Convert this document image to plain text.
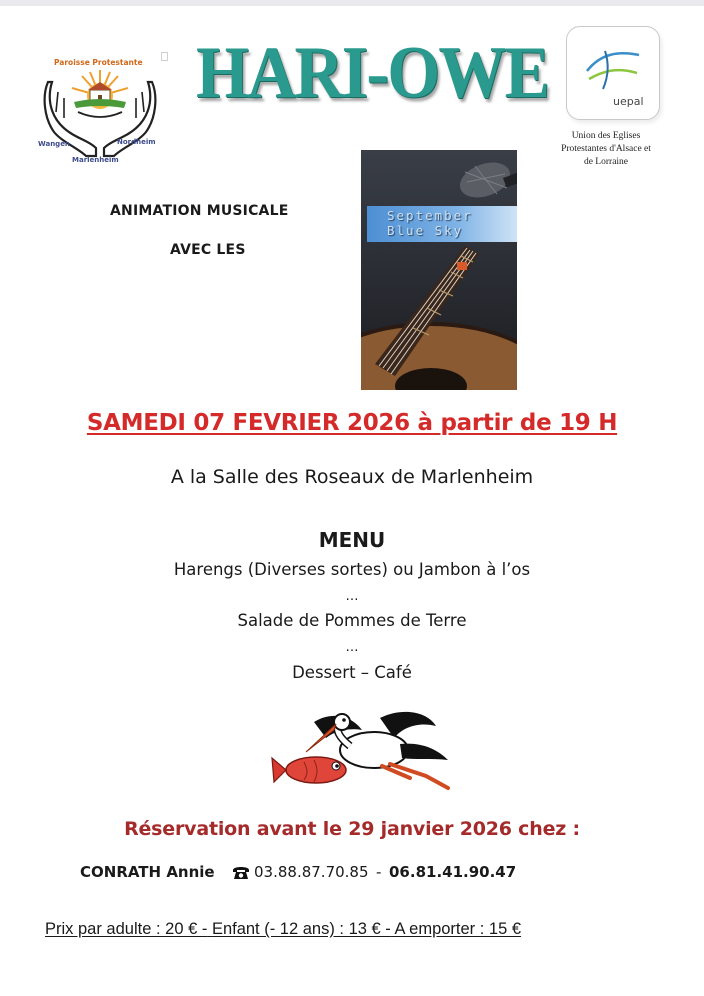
Paroisse Protestante
Wangen	Nordheim
Marlenheim
HARI-OWE	uepal
Union des Eglises
Protestantes d'Alsace et
de Lorraine
ANIMATION MUSICALE
AVEC LES
September
Blue Sky
SAMEDI 07 FEVRIER 2026 à partir de 19 H
A la Salle des Roseaux de Marlenheim
MENU
Harengs (Diverses sortes) ou Jambon à l’os
…
Salade de Pommes de Terre
…
Dessert – Café
Réservation avant le 29 janvier 2026 chez :
CONRATH Annie	03.88.87.70.85 - 06.81.41.90.47
Prix par adulte : 20 € - Enfant (- 12 ans) : 13 € - A emporter : 15 €
